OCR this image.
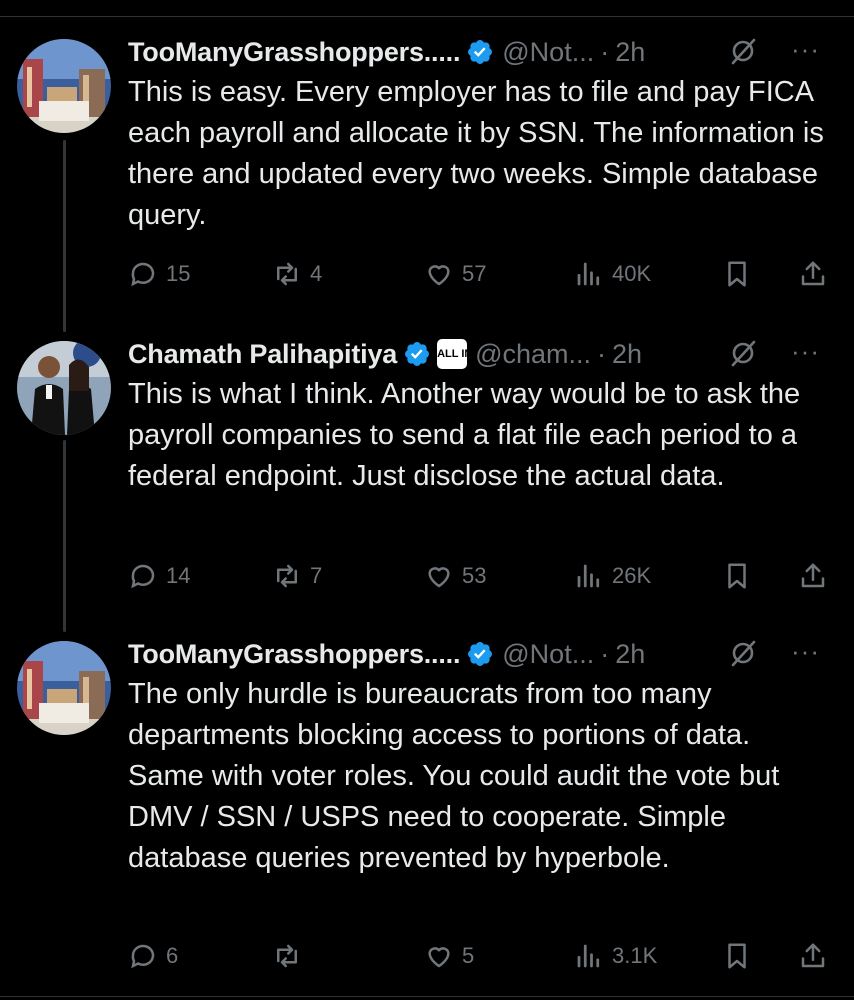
TooManyGrasshoppers..... @Not... · 2h	···
This is easy. Every employer has to file and pay FICA each payroll and allocate it by SSN. The information is there and updated every two weeks. Simple database query.
15	4	57	40K
Chamath Palihapitiya	ALL IN @cham... · 2h	···
This is what I think. Another way would be to ask the payroll companies to send a flat file each period to a federal endpoint. Just disclose the actual data.
14	7	53	26K
TooManyGrasshoppers..... @Not... · 2h	···
The only hurdle is bureaucrats from too many departments blocking access to portions of data. Same with voter roles. You could audit the vote but DMV / SSN / USPS need to cooperate. Simple database queries prevented by hyperbole.
6	5	3.1K
